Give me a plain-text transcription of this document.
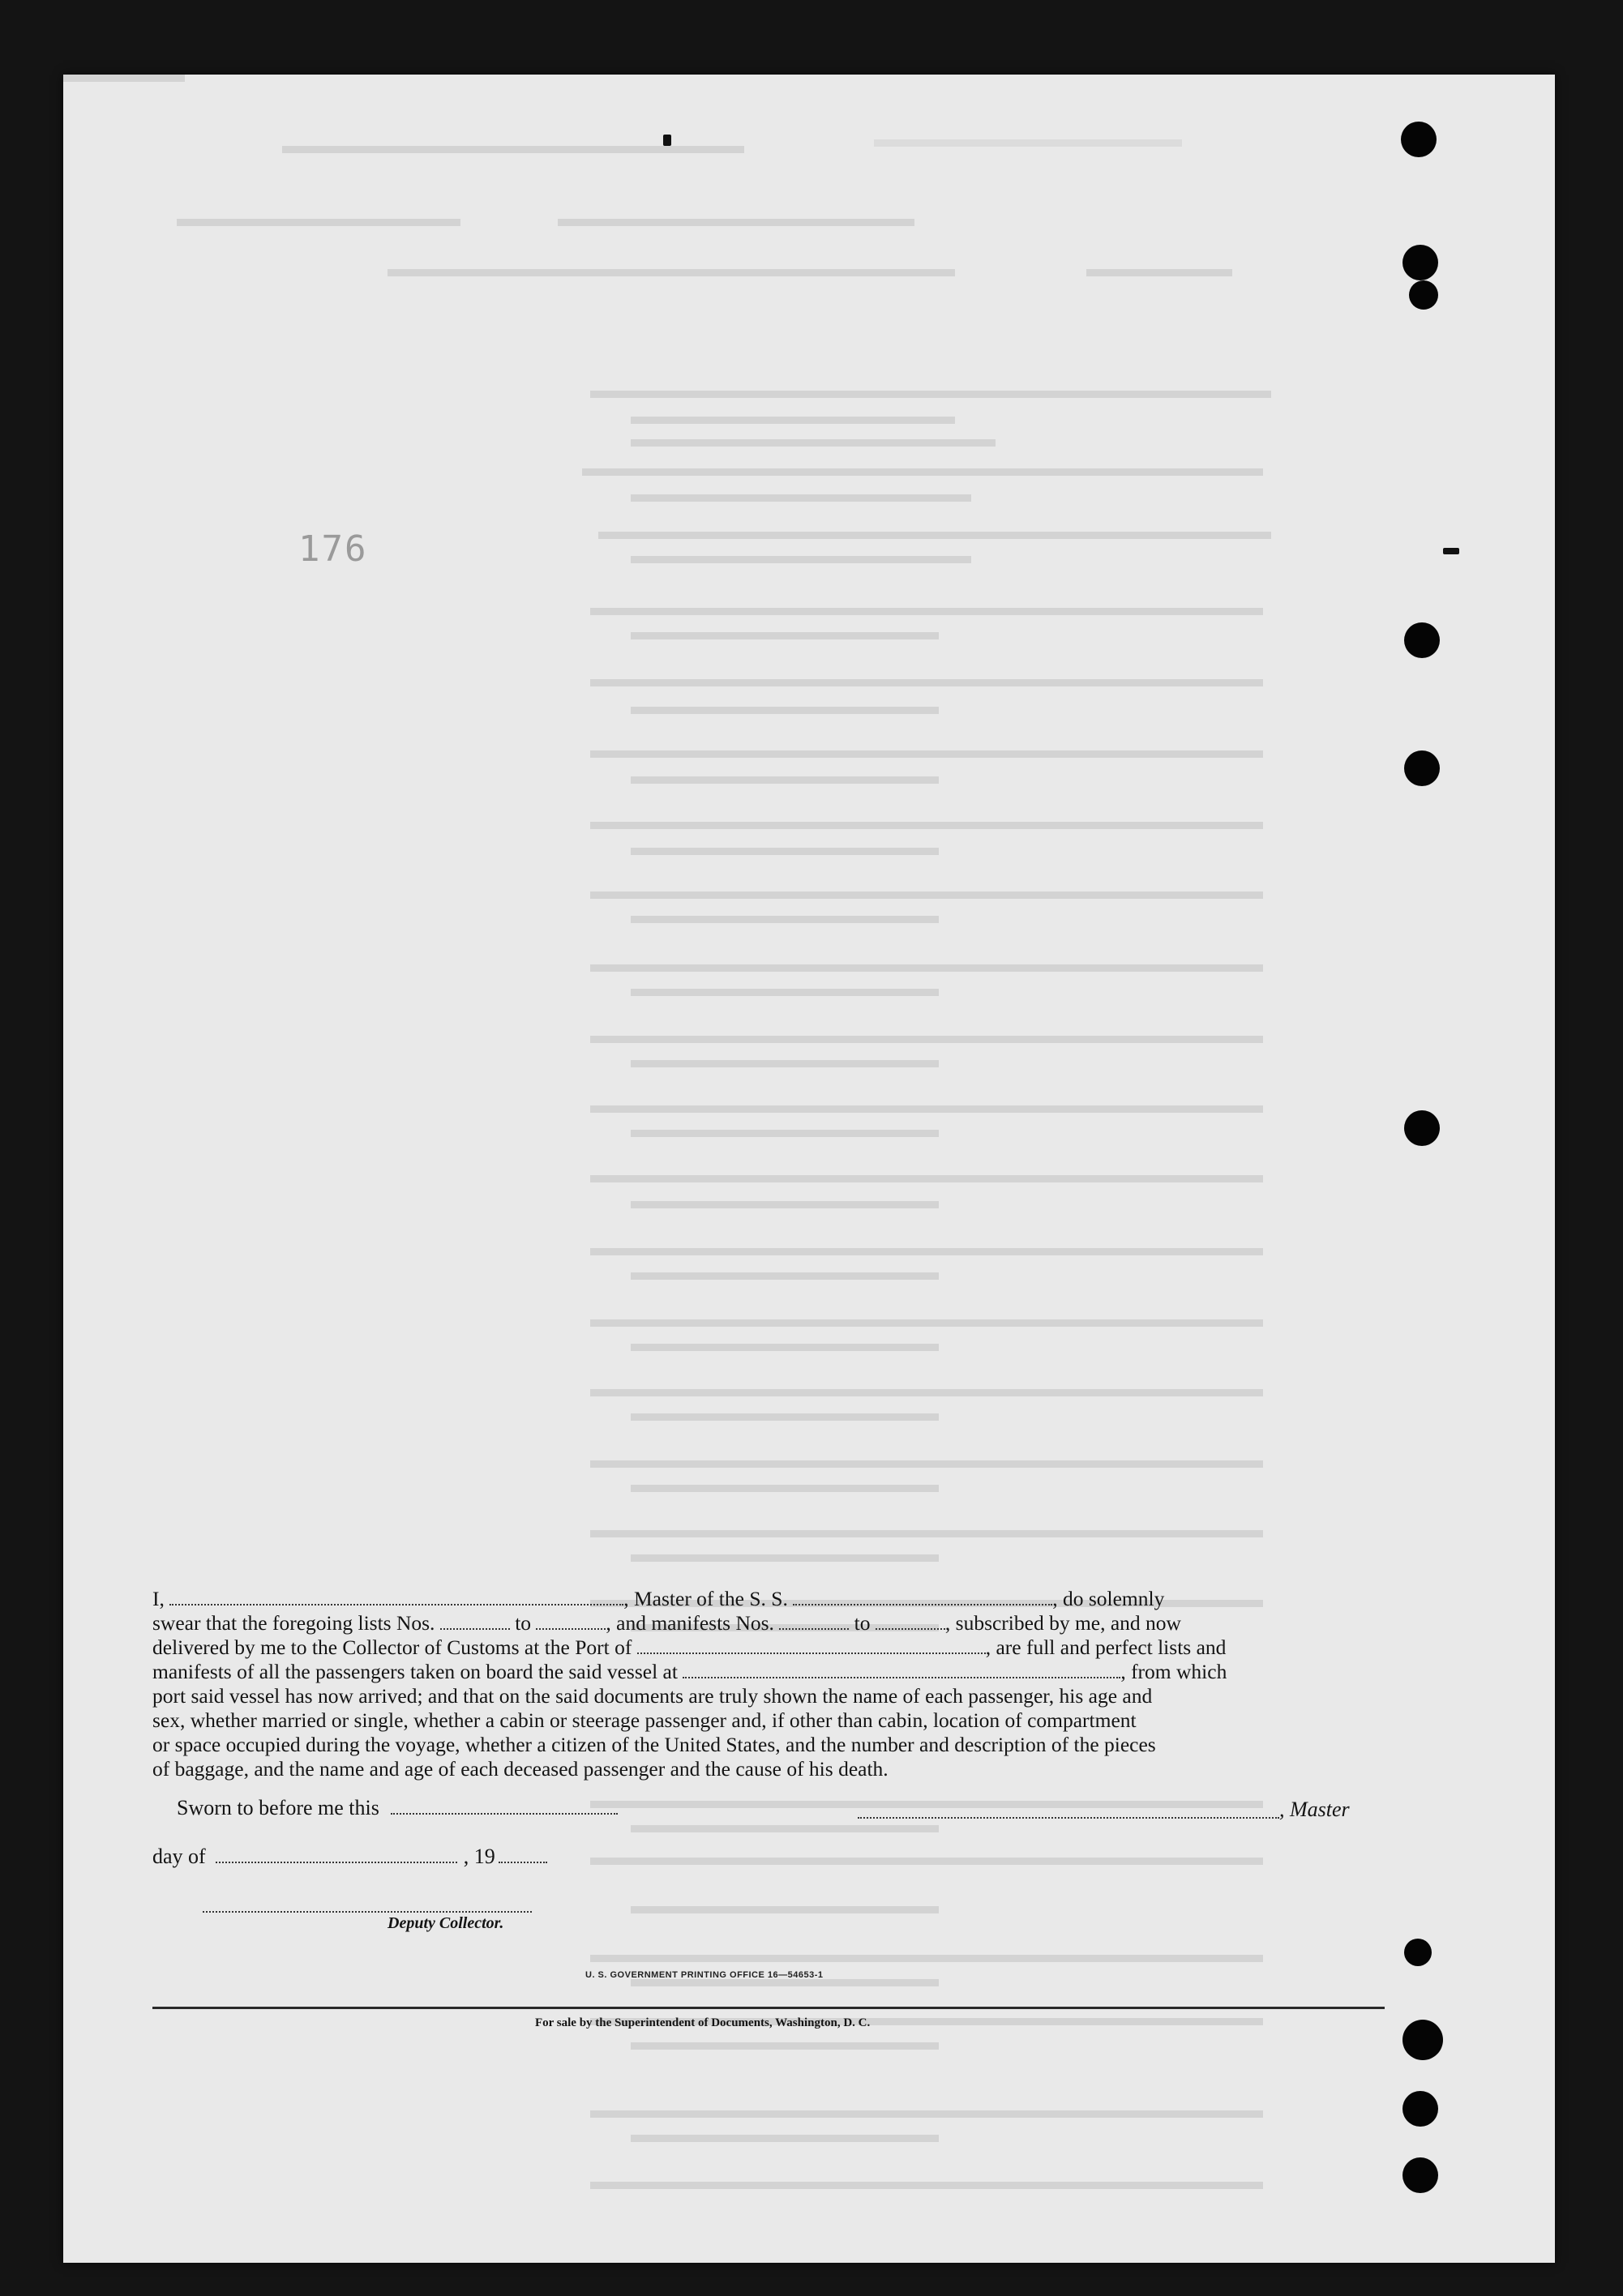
176

I,	, Master of the S. S.	, do solemnly

swear that the foregoing lists Nos.	to	, and manifests Nos.	to	, subscribed by me, and now

delivered by me to the Collector of Customs at the Port of	, are full and perfect lists and

manifests of all the passengers taken on board the said vessel at	, from which

port said vessel has now arrived; and that on the said documents are truly shown the name of each passenger, his age and

sex, whether married or single, whether a cabin or steerage passenger and, if other than cabin, location of compartment

or space occupied during the voyage, whether a citizen of the United States, and the number and description of the pieces

of baggage, and the name and age of each deceased passenger and the cause of his death.

Sworn to before me this	, Master
day of	, 19
Deputy Collector.
U. S. GOVERNMENT PRINTING OFFICE 16—54653-1
For sale by the Superintendent of Documents, Washington, D. C.
